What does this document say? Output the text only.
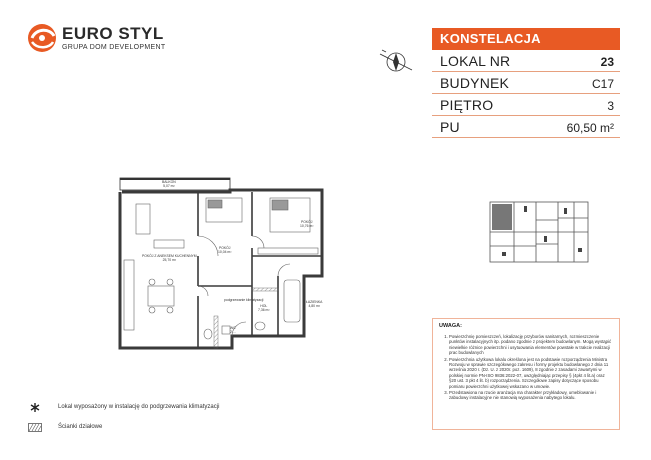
EURO STYL
GRUPA DOM DEVELOPMENT
KONSTELACJA
LOKAL NR	23
BUDYNEK	C17
PIĘTRO	3
PU	60,50 m²
BALKON
5,07 m²
POKÓJ Z ANEKSEM KUCHENNYM
25,70 m²
POKÓJ
10,04 m²
POKÓJ
10,76 m²
HOL
7,36 m²
ŁAZIENKA
4,80 m²
WC
2,...
podgrzewanie klimatyzacji
UWAGA:
1. Powierzchnię pomieszczeń, lokalizację przyborów sanitarnych, rozmieszczenie punktów instalacyjnych itp. podano zgodnie z projektem budowlanym. Mogą wystąpić niewielkie różnice powierzchni i usytuowania elementów powstałe w trakcie realizacji prac budowlanych
2. Powierzchnia użytkowa lokalu określona jest na podstawie rozporządzenia Ministra Rozwoju w sprawie szczegółowego zakresu i formy projektu budowlanego z dnia 11 września 2020 r. (Dz. U. z 2020r. poz. 1609), 8 zgodnie z zasadami zawartymi w polskiej normie PN-ISO 9836:2022-07, uwzględniając przepisy § (4pkt 4 lit.a) oraz §20 ust. 3 pkt 4 lit. b) rozporządzenia. Szczegółowe zapisy dotyczące sposobu pomiaru powierzchni użytkowej wskazano w umowie.
3. Przedstawiona na rzucie aranżacja ma charakter przykładowy, umeblowanie i zabudowy instalacyjne nie stanowią wyposażenia nabytego lokalu.
Lokal wyposażony w instalację do podgrzewania klimatyzacji
Ścianki działowe
